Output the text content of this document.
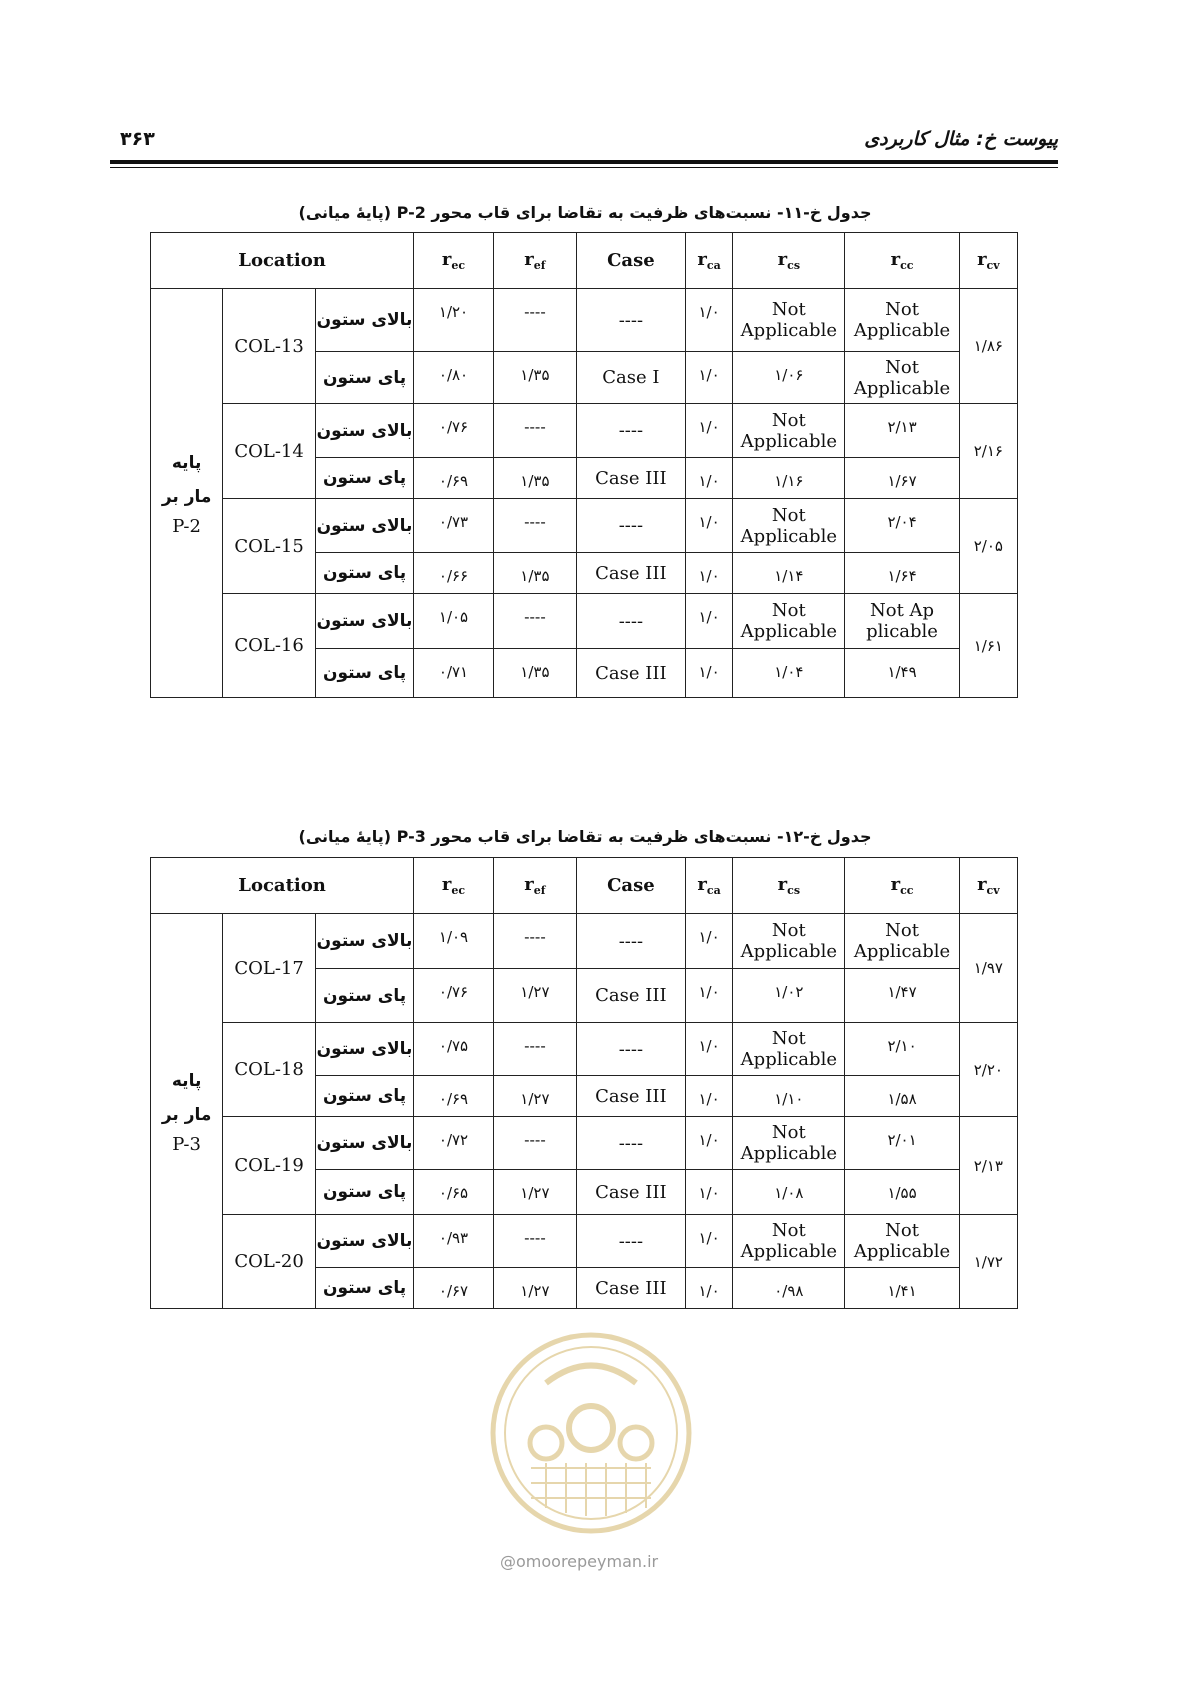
۳۶۳	پیوست خ: مثال کاربردی
جدول خ-۱۱- نسبت‌های ظرفیت به تقاضا برای قاب محور P-2 (پایهٔ میانی)
Location			$r_{ec}$	$r_{ef}$	Case	$r_{ca}$	$r_{cs}$	$r_{cc}$	$r_{cv}$

پایه
مار بر
P-2	COL-13	بالای ستون	۱/۲۰	----	----	۱/۰	Not Applicable	Not Applicable	۱/۸۶
		پای ستون	۰/۸۰	۱/۳۵	Case I	۱/۰	۱/۰۶	Not Applicable	
	COL-14	بالای ستون	۰/۷۶	----	----	۱/۰	Not Applicable	۲/۱۳	۲/۱۶
		پای ستون	۰/۶۹	۱/۳۵	Case III	۱/۰	۱/۱۶	۱/۶۷	
	COL-15	بالای ستون	۰/۷۳	----	----	۱/۰	Not Applicable	۲/۰۴	۲/۰۵
		پای ستون	۰/۶۶	۱/۳۵	Case III	۱/۰	۱/۱۴	۱/۶۴	
	COL-16	بالای ستون	۱/۰۵	----	----	۱/۰	Not Applicable	Not Ap plicable	۱/۶۱
		پای ستون	۰/۷۱	۱/۳۵	Case III	۱/۰	۱/۰۴	۱/۴۹	
جدول خ-۱۲- نسبت‌های ظرفیت به تقاضا برای قاب محور P-3 (پایهٔ میانی)
Location			$r_{ec}$	$r_{ef}$	Case	$r_{ca}$	$r_{cs}$	$r_{cc}$	$r_{cv}$

پایه
مار بر
P-3	COL-17	بالای ستون	۱/۰۹	----	----	۱/۰	Not Applicable	Not Applicable	۱/۹۷
		پای ستون	۰/۷۶	۱/۲۷	Case III	۱/۰	۱/۰۲	۱/۴۷	
	COL-18	بالای ستون	۰/۷۵	----	----	۱/۰	Not Applicable	۲/۱۰	۲/۲۰
		پای ستون	۰/۶۹	۱/۲۷	Case III	۱/۰	۱/۱۰	۱/۵۸	
	COL-19	بالای ستون	۰/۷۲	----	----	۱/۰	Not Applicable	۲/۰۱	۲/۱۳
		پای ستون	۰/۶۵	۱/۲۷	Case III	۱/۰	۱/۰۸	۱/۵۵	
	COL-20	بالای ستون	۰/۹۳	----	----	۱/۰	Not Applicable	Not Applicable	۱/۷۲
		پای ستون	۰/۶۷	۱/۲۷	Case III	۱/۰	۰/۹۸	۱/۴۱	
@omoorepeyman.ir
